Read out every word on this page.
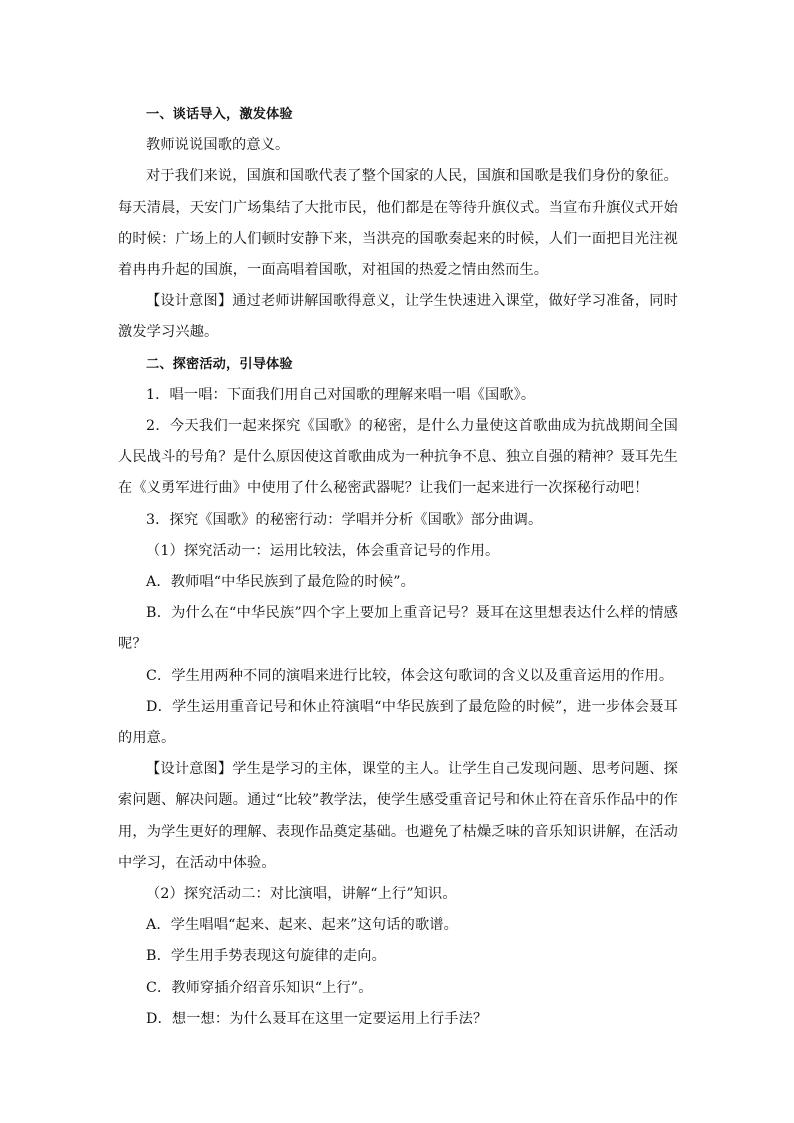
一、谈话导入，激发体验

教师说说国歌的意义。

对于我们来说，国旗和国歌代表了整个国家的人民，国旗和国歌是我们身份的象征。每天清晨，天安门广场集结了大批市民，他们都是在等待升旗仪式。当宣布升旗仪式开始的时候：广场上的人们顿时安静下来，当洪亮的国歌奏起来的时候，人们一面把目光注视着冉冉升起的国旗，一面高唱着国歌，对祖国的热爱之情由然而生。

【设计意图】通过老师讲解国歌得意义，让学生快速进入课堂，做好学习准备，同时激发学习兴趣。

二、探密活动，引导体验

1．唱一唱：下面我们用自己对国歌的理解来唱一唱《国歌》。

2．今天我们一起来探究《国歌》的秘密，是什么力量使这首歌曲成为抗战期间全国人民战斗的号角？是什么原因使这首歌曲成为一种抗争不息、独立自强的精神？聂耳先生在《义勇军进行曲》中使用了什么秘密武器呢？让我们一起来进行一次探秘行动吧！

3．探究《国歌》的秘密行动：学唱并分析《国歌》部分曲调。

（1）探究活动一：运用比较法，体会重音记号的作用。

A．教师唱“中华民族到了最危险的时候”。

B．为什么在“中华民族”四个字上要加上重音记号？聂耳在这里想表达什么样的情感呢？

C．学生用两种不同的演唱来进行比较，体会这句歌词的含义以及重音运用的作用。

D．学生运用重音记号和休止符演唱“中华民族到了最危险的时候”，进一步体会聂耳的用意。

【设计意图】学生是学习的主体，课堂的主人。让学生自己发现问题、思考问题、探索问题、解决问题。通过“比较”教学法，使学生感受重音记号和休止符在音乐作品中的作用，为学生更好的理解、表现作品奠定基础。也避免了枯燥乏味的音乐知识讲解，在活动中学习，在活动中体验。

（2）探究活动二：对比演唱，讲解“上行”知识。

A．学生唱唱“起来、起来、起来”这句话的歌谱。

B．学生用手势表现这句旋律的走向。

C．教师穿插介绍音乐知识“上行”。

D．想一想：为什么聂耳在这里一定要运用上行手法？
